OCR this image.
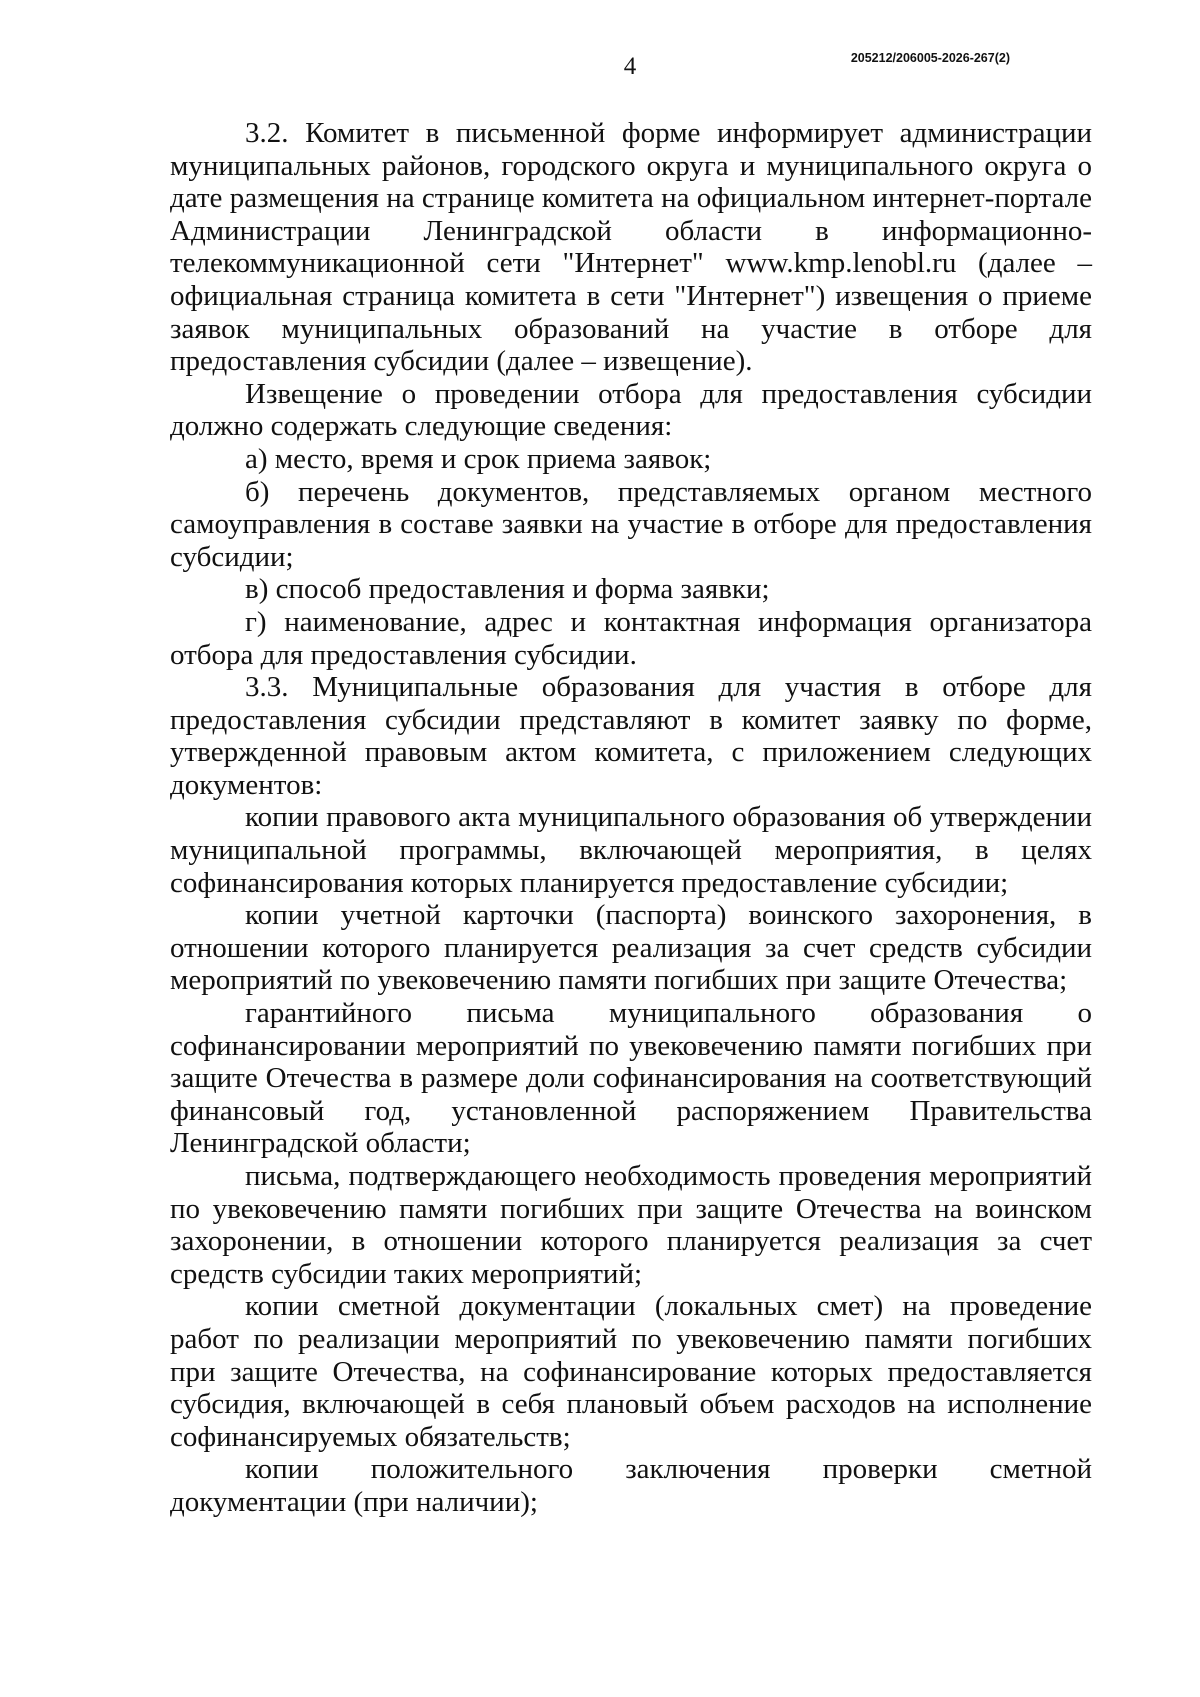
4	205212/206005-2026-267(2)

3.2. Комитет в письменной форме информирует администрации муниципальных районов, городского округа и муниципального округа о дате размещения на странице комитета на официальном интернет-портале Администрации Ленинградской области в информационно-телекоммуникационной сети "Интернет" www.kmp.lenobl.ru (далее – официальная страница комитета в сети "Интернет") извещения о приеме заявок муниципальных образований на участие в отборе для предоставления субсидии (далее – извещение).

Извещение о проведении отбора для предоставления субсидии должно содержать следующие сведения:

а) место, время и срок приема заявок;

б) перечень документов, представляемых органом местного самоуправления в составе заявки на участие в отборе для предоставления субсидии;

в) способ предоставления и форма заявки;

г) наименование, адрес и контактная информация организатора отбора для предоставления субсидии.

3.3. Муниципальные образования для участия в отборе для предоставления субсидии представляют в комитет заявку по форме, утвержденной правовым актом комитета, с приложением следующих документов:

копии правового акта муниципального образования об утверждении муниципальной программы, включающей мероприятия, в целях софинансирования которых планируется предоставление субсидии;

копии учетной карточки (паспорта) воинского захоронения, в отношении которого планируется реализация за счет средств субсидии мероприятий по увековечению памяти погибших при защите Отечества;

гарантийного письма муниципального образования о софинансировании мероприятий по увековечению памяти погибших при защите Отечества в размере доли софинансирования на соответствующий финансовый год, установленной распоряжением Правительства Ленинградской области;

письма, подтверждающего необходимость проведения мероприятий по увековечению памяти погибших при защите Отечества на воинском захоронении, в отношении которого планируется реализация за счет средств субсидии таких мероприятий;

копии сметной документации (локальных смет) на проведение работ по реализации мероприятий по увековечению памяти погибших при защите Отечества, на софинансирование которых предоставляется субсидия, включающей в себя плановый объем расходов на исполнение софинансируемых обязательств;

копии положительного заключения проверки сметной документации (при наличии);
